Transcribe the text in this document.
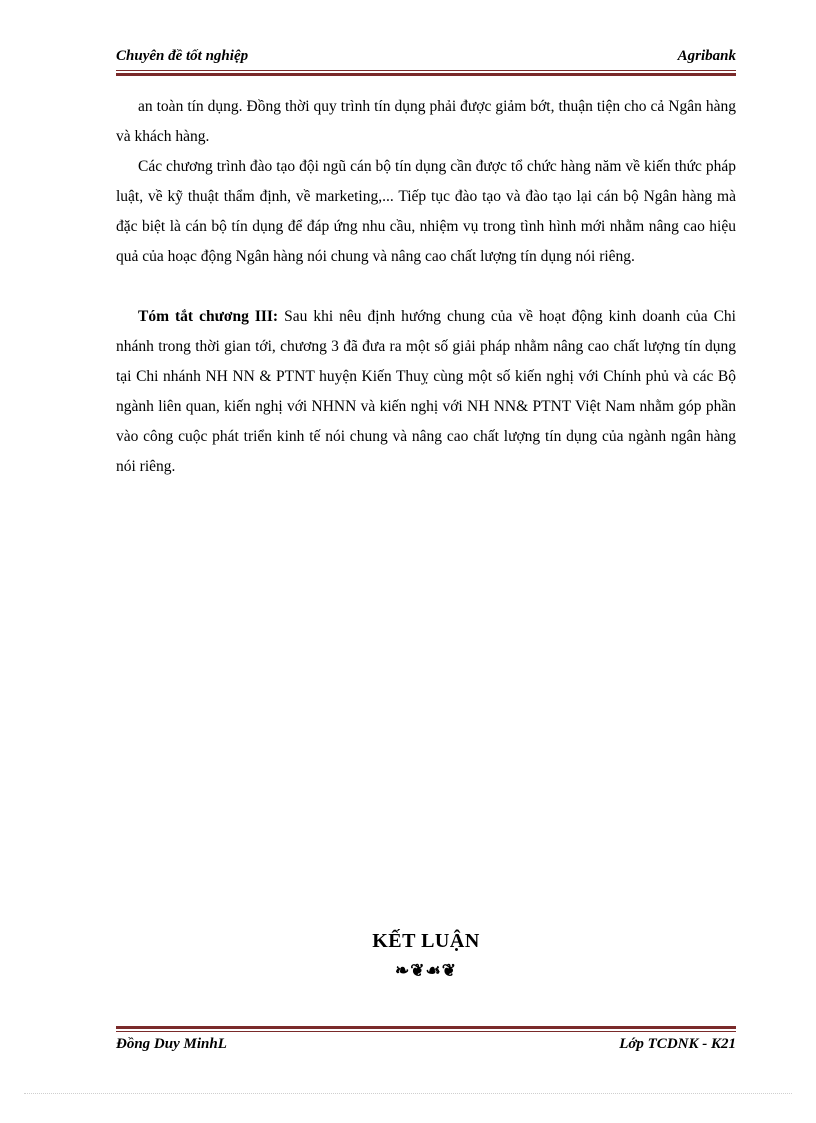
Chuyên đề tốt nghiệp	Agribank

an toàn tín dụng. Đồng thời quy trình tín dụng phải được giảm bớt, thuận tiện cho cả Ngân hàng và khách hàng.

Các chương trình đào tạo đội ngũ cán bộ tín dụng cần được tổ chức hàng năm về kiến thức pháp luật, về kỹ thuật thẩm định, về marketing,... Tiếp tục đào tạo và đào tạo lại cán bộ Ngân hàng mà đặc biệt là cán bộ tín dụng để đáp ứng nhu cầu, nhiệm vụ trong tình hình mới nhằm nâng cao hiệu quả của hoạc động Ngân hàng nói chung và nâng cao chất lượng tín dụng nói riêng.

Tóm tắt chương III: Sau khi nêu định hướng chung của về hoạt động kinh doanh của Chi nhánh trong thời gian tới, chương 3 đã đưa ra một số giải pháp nhằm nâng cao chất lượng tín dụng tại Chi nhánh NH NN & PTNT huyện Kiến Thuỵ cùng một số kiến nghị với Chính phủ và các Bộ ngành liên quan, kiến nghị với NHNN và kiến nghị với NH NN& PTNT Việt Nam nhằm góp phần vào công cuộc phát triển kinh tế nói chung và nâng cao chất lượng tín dụng của ngành ngân hàng nói riêng.

KẾT LUẬN
❧❦☙❦
Đồng Duy MinhL	Lớp TCDNK - K21
